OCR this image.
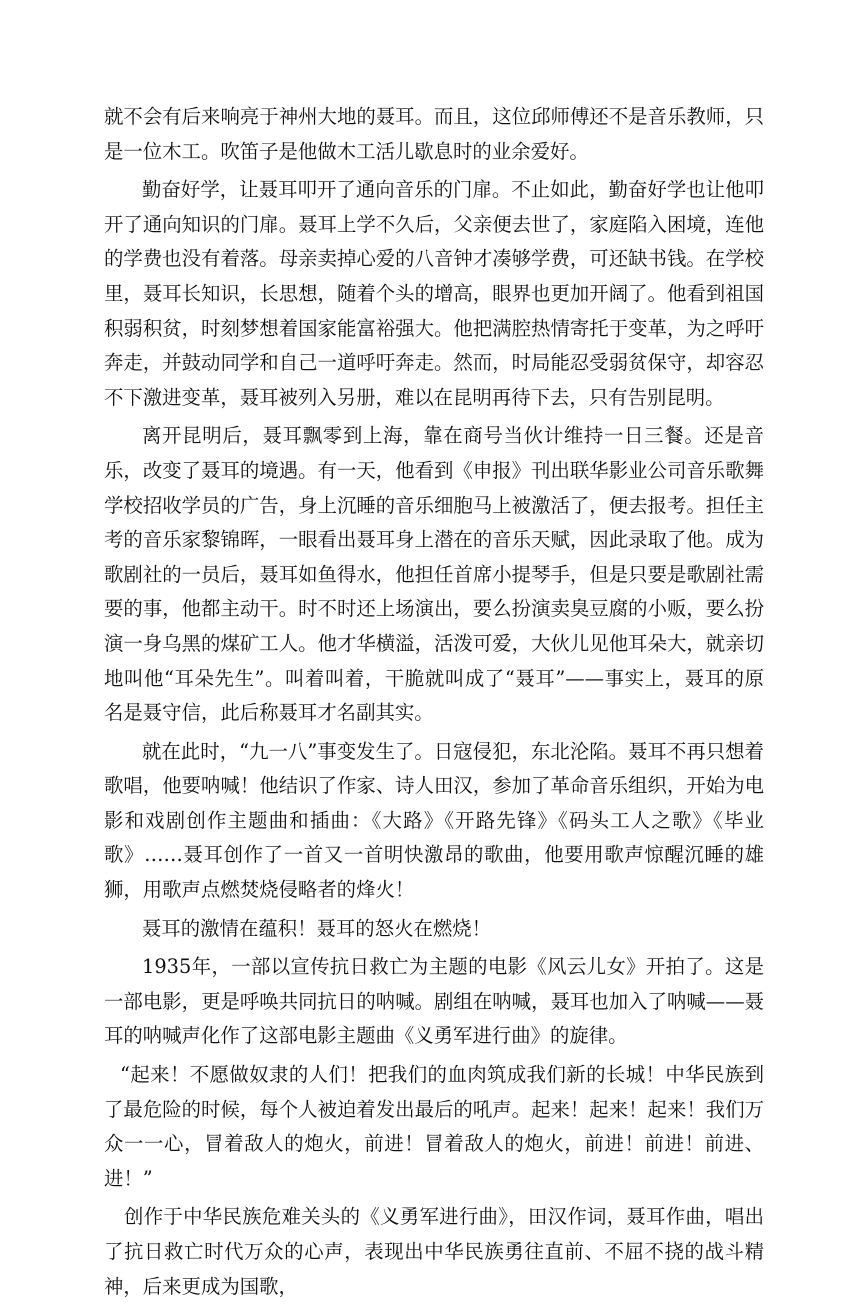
就不会有后来响亮于神州大地的聂耳。而且，这位邱师傅还不是音乐教师，只是一位木工。吹笛子是他做木工活儿歇息时的业余爱好。

勤奋好学，让聂耳叩开了通向音乐的门扉。不止如此，勤奋好学也让他叩开了通向知识的门扉。聂耳上学不久后，父亲便去世了，家庭陷入困境，连他的学费也没有着落。母亲卖掉心爱的八音钟才凑够学费，可还缺书钱。在学校里，聂耳长知识，长思想，随着个头的增高，眼界也更加开阔了。他看到祖国积弱积贫，时刻梦想着国家能富裕强大。他把满腔热情寄托于变革，为之呼吁奔走，并鼓动同学和自己一道呼吁奔走。然而，时局能忍受弱贫保守，却容忍不下激进变革，聂耳被列入另册，难以在昆明再待下去，只有告别昆明。

离开昆明后，聂耳飘零到上海，靠在商号当伙计维持一日三餐。还是音乐，改变了聂耳的境遇。有一天，他看到《申报》刊出联华影业公司音乐歌舞学校招收学员的广告，身上沉睡的音乐细胞马上被激活了，便去报考。担任主考的音乐家黎锦晖，一眼看出聂耳身上潜在的音乐天赋，因此录取了他。成为歌剧社的一员后，聂耳如鱼得水，他担任首席小提琴手，但是只要是歌剧社需要的事，他都主动干。时不时还上场演出，要么扮演卖臭豆腐的小贩，要么扮演一身乌黑的煤矿工人。他才华横溢，活泼可爱，大伙儿见他耳朵大，就亲切地叫他“耳朵先生”。叫着叫着，干脆就叫成了“聂耳”——事实上，聂耳的原名是聂守信，此后称聂耳才名副其实。

就在此时，“九一八”事变发生了。日寇侵犯，东北沦陷。聂耳不再只想着歌唱，他要呐喊！他结识了作家、诗人田汉，参加了革命音乐组织，开始为电影和戏剧创作主题曲和插曲：《大路》《开路先锋》《码头工人之歌》《毕业歌》……聂耳创作了一首又一首明快激昂的歌曲，他要用歌声惊醒沉睡的雄狮，用歌声点燃焚烧侵略者的烽火！

聂耳的激情在蕴积！聂耳的怒火在燃烧！

1935年，一部以宣传抗日救亡为主题的电影《风云儿女》开拍了。这是一部电影，更是呼唤共同抗日的呐喊。剧组在呐喊，聂耳也加入了呐喊——聂耳的呐喊声化作了这部电影主题曲《义勇军进行曲》的旋律。

“起来！不愿做奴隶的人们！把我们的血肉筑成我们新的长城！中华民族到了最危险的时候，每个人被迫着发出最后的吼声。起来！起来！起来！我们万众一一心，冒着敌人的炮火，前进！冒着敌人的炮火，前进！前进！前进、进！”

创作于中华民族危难关头的《义勇军进行曲》，田汉作词，聂耳作曲，唱出了抗日救亡时代万众的心声，表现出中华民族勇往直前、不屈不挠的战斗精神，后来更成为国歌，
